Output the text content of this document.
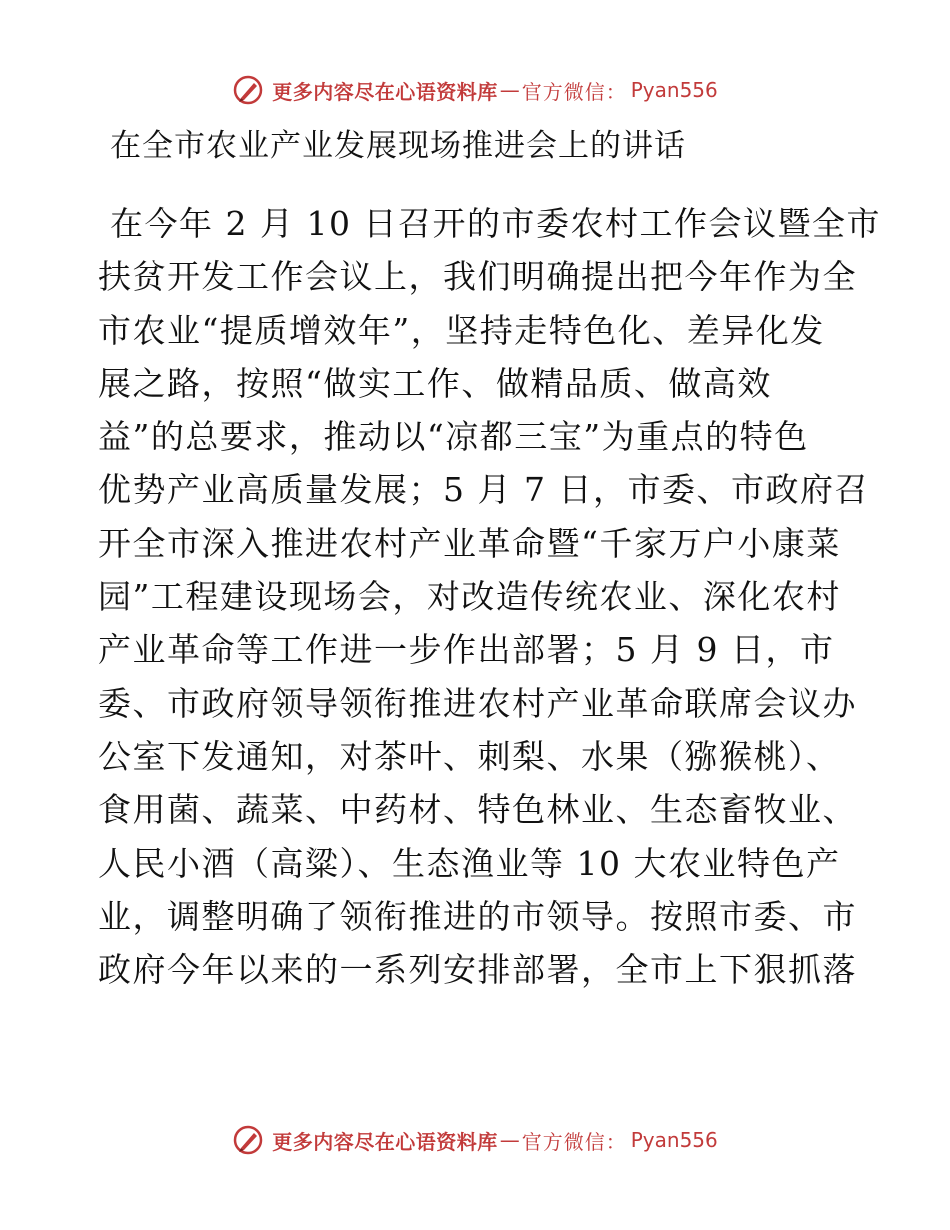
更多内容尽在心语资料库 — 官方微信： Pyan556
在全市农业产业发展现场推进会上的讲话
在今年 2 月 10 日召开的市委农村工作会议暨全市
扶贫开发工作会议上，我们明确提出把今年作为全
市农业“提质增效年”，坚持走特色化、差异化发
展之路，按照“做实工作、做精品质、做高效
益”的总要求，推动以“凉都三宝”为重点的特色
优势产业高质量发展；5 月 7 日，市委、市政府召
开全市深入推进农村产业革命暨“千家万户小康菜
园”工程建设现场会，对改造传统农业、深化农村
产业革命等工作进一步作出部署；5 月 9 日，市
委、市政府领导领衔推进农村产业革命联席会议办
公室下发通知，对茶叶、刺梨、水果（猕猴桃）、
食用菌、蔬菜、中药材、特色林业、生态畜牧业、
人民小酒（高粱）、生态渔业等 10 大农业特色产
业，调整明确了领衔推进的市领导。按照市委、市
政府今年以来的一系列安排部署，全市上下狠抓落
更多内容尽在心语资料库 — 官方微信： Pyan556
